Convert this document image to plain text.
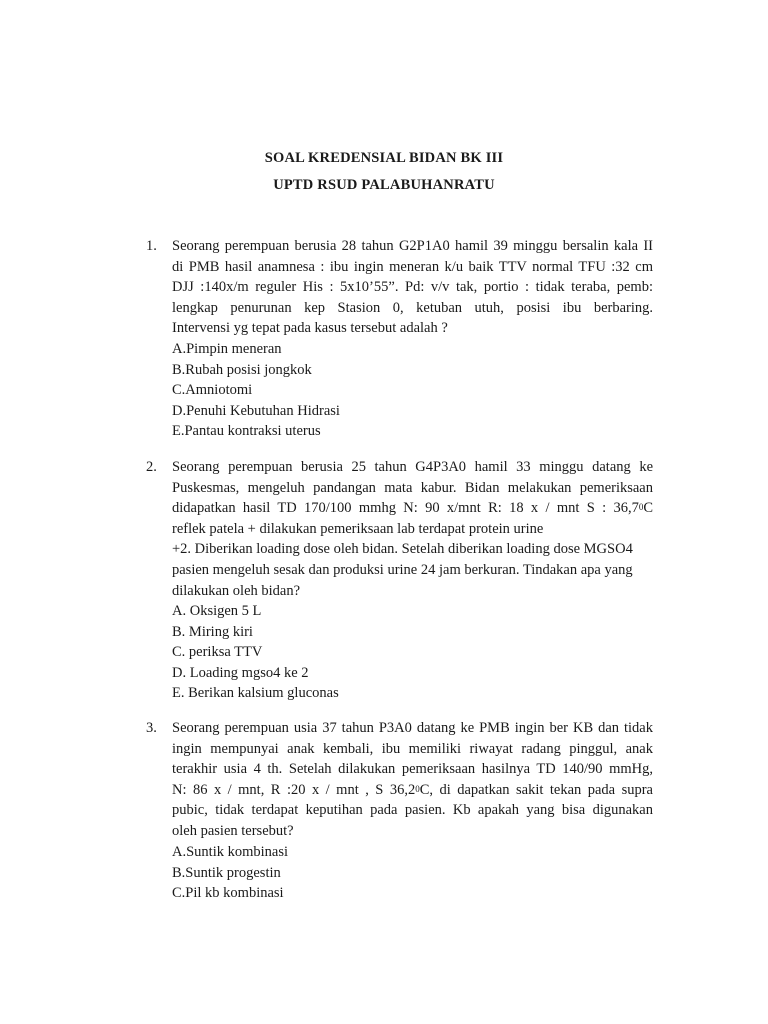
SOAL KREDENSIAL BIDAN BK III
UPTD RSUD PALABUHANRATU
1. Seorang perempuan berusia 28 tahun G2P1A0 hamil 39 minggu bersalin kala II
di PMB hasil anamnesa : ibu ingin meneran k/u baik TTV normal TFU :32 cm
DJJ :140x/m reguler His : 5x10’55”. Pd: v/v tak, portio : tidak teraba, pemb:
lengkap penurunan kep Stasion 0, ketuban utuh, posisi ibu berbaring.
Intervensi yg tepat pada kasus tersebut adalah ?
A.Pimpin meneran
B.Rubah posisi jongkok
C.Amniotomi
D.Penuhi Kebutuhan Hidrasi
E.Pantau kontraksi uterus
2. Seorang perempuan berusia 25 tahun G4P3A0 hamil 33 minggu datang ke
Puskesmas, mengeluh pandangan mata kabur. Bidan melakukan pemeriksaan
didapatkan hasil TD 170/100 mmhg N: 90 x/mnt R: 18 x / mnt S : 36,7$^0$C
reflek patela + dilakukan pemeriksaan lab terdapat protein urine
+2. Diberikan loading dose oleh bidan. Setelah diberikan loading dose MGSO4
pasien mengeluh sesak dan produksi urine 24 jam berkuran. Tindakan apa yang
dilakukan oleh bidan?
A. Oksigen 5 L
B. Miring kiri
C. periksa TTV
D. Loading mgso4 ke 2
E. Berikan kalsium gluconas
3. Seorang perempuan usia 37 tahun P3A0 datang ke PMB ingin ber KB dan tidak
ingin mempunyai anak kembali, ibu memiliki riwayat radang pinggul, anak
terakhir usia 4 th. Setelah dilakukan pemeriksaan hasilnya TD 140/90 mmHg,
N: 86 x / mnt, R :20 x / mnt , S 36,2$^0$C, di dapatkan sakit tekan pada supra
pubic, tidak terdapat keputihan pada pasien. Kb apakah yang bisa digunakan
oleh pasien tersebut?
A.Suntik kombinasi
B.Suntik progestin
C.Pil kb kombinasi
